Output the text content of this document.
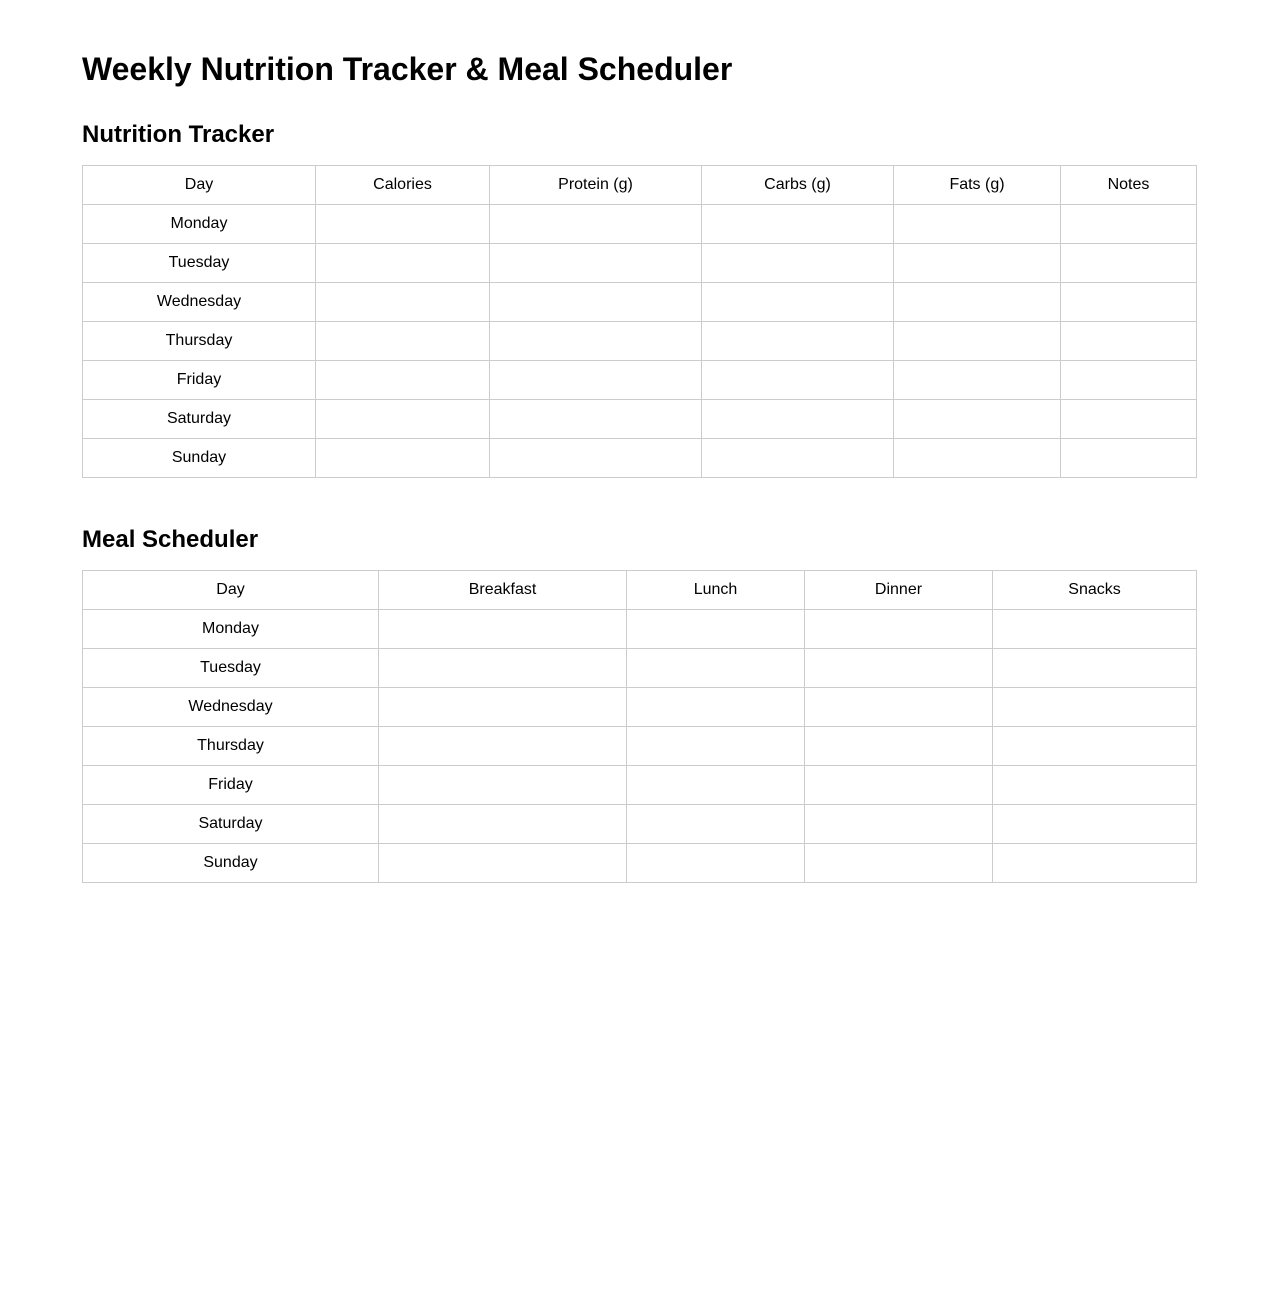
Weekly Nutrition Tracker & Meal Scheduler
Nutrition Tracker
Day	Calories	Protein (g)	Carbs (g)	Fats (g)	Notes
Monday					
Tuesday					
Wednesday					
Thursday					
Friday					
Saturday					
Sunday					
Meal Scheduler
Day	Breakfast	Lunch	Dinner	Snacks
Monday				
Tuesday				
Wednesday				
Thursday				
Friday				
Saturday				
Sunday				
